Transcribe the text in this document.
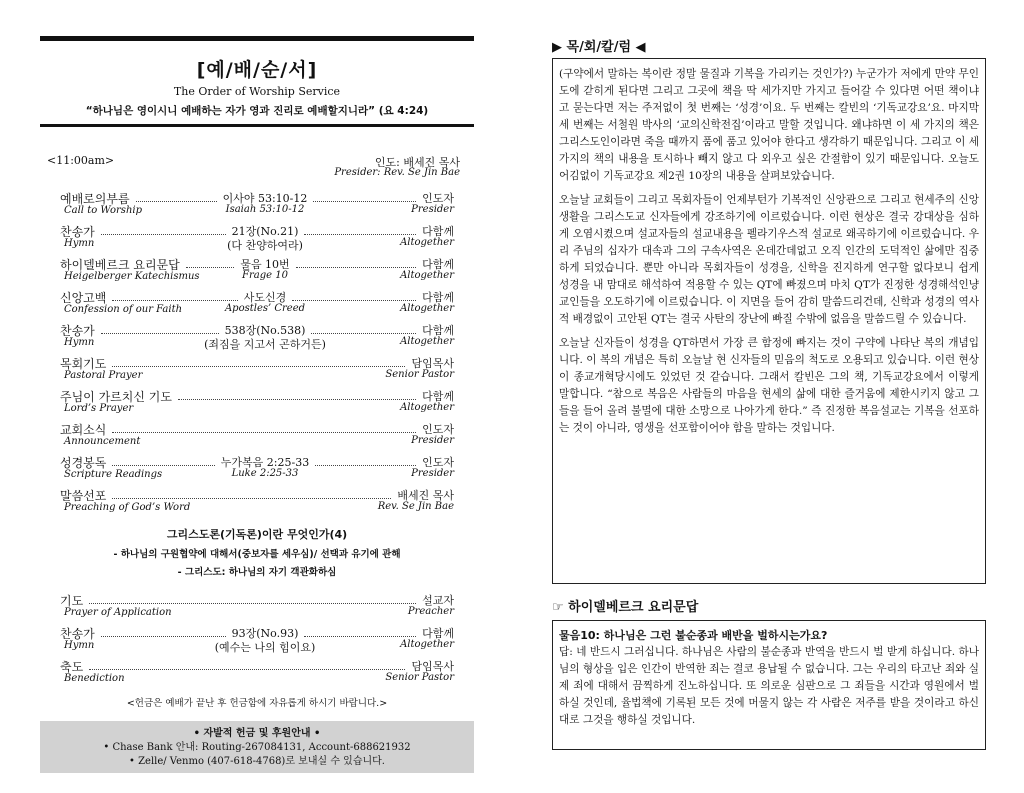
[예/배/순/서]
The Order of Worship Service
“하나님은 영이시니 예배하는 자가 영과 진리로 예배할지니라” (요 4:24)
<11:00am>	인도: 배세진 목사
Presider: Rev. Se Jin Bae
예배로의부름
Call to Worship
인도자
Presider
이사야 53:10-12
Isaiah 53:10-12
찬송가
Hymn
다함께
Altogether
21장(No.21)
(다 찬양하여라)
하이델베르크 요리문답
Heigelberger Katechismus
다함께
Altogether
물음 10번
Frage 10
신앙고백
Confession of our Faith
다함께
Altogether
사도신경
Apostles’ Creed
찬송가
Hymn
다함께
Altogether
538장(No.538)
(죄짐을 지고서 곤하거든)
목회기도
Pastoral Prayer
담임목사
Senior Pastor
주님이 가르치신 기도
Lord’s Prayer
다함께
Altogether
교회소식
Announcement
인도자
Presider
성경봉독
Scripture Readings
인도자
Presider
누가복음 2:25-33
Luke 2:25-33
말씀선포
Preaching of God’s Word
배세진 목사
Rev. Se Jin Bae
그리스도론(기독론)이란 무엇인가(4)
- 하나님의 구원협약에 대해서(중보자를 세우심)/ 선택과 유기에 관해
- 그리스도: 하나님의 자기 객관화하심
기도
Prayer of Application
설교자
Preacher
찬송가
Hymn
다함께
Altogether
93장(No.93)
(예수는 나의 힘이요)
축도
Benediction
담임목사
Senior Pastor
<헌금은 예배가 끝난 후 헌금함에 자유롭게 하시기 바랍니다.>
• 자발적 헌금 및 후원안내 •
• Chase Bank 안내: Routing-267084131, Account-688621932
• Zelle/ Venmo (407-618-4768)로 보내실 수 있습니다.
▶ 목/회/칼/럼 ◀

(구약에서 말하는 복이란 정말 물질과 기복을 가리키는 것인가?) 누군가가 저에게 만약 무인도에 갇히게 된다면 그리고 그곳에 책을 딱 세가지만 가지고 들어갈 수 있다면 어떤 책이냐고 묻는다면 저는 주저없이 첫 번째는 ‘성경’이요. 두 번째는 칼빈의 ‘기독교강요’요. 마지막 세 번째는 서철원 박사의 ‘교의신학전집’이라고 말할 것입니다. 왜냐하면 이 세 가지의 책은 그리스도인이라면 죽을 때까지 품에 품고 있어야 한다고 생각하기 때문입니다. 그리고 이 세 가지의 책의 내용을 토시하나 빼지 않고 다 외우고 싶은 간절함이 있기 때문입니다. 오늘도 어김없이 기독교강요 제2권 10장의 내용을 살펴보았습니다.

오늘날 교회들이 그리고 목회자들이 언제부턴가 기복적인 신앙관으로 그리고 현세주의 신앙생활을 그리스도교 신자들에게 강조하기에 이르렀습니다. 이런 현상은 결국 강대상을 심하게 오염시켰으며 설교자들의 설교내용을 펠라기우스적 설교로 왜곡하기에 이르렀습니다. 우리 주님의 십자가 대속과 그의 구속사역은 온데간데없고 오직 인간의 도덕적인 삶에만 집중하게 되었습니다. 뿐만 아니라 목회자들이 성경을, 신학을 진지하게 연구할 없다보니 쉽게 성경을 내 맘대로 해석하여 적용할 수 있는 QT에 빠졌으며 마치 QT가 진정한 성경해석인냥 교인들을 오도하기에 이르렀습니다. 이 지면을 들어 감히 말씀드리건데, 신학과 성경의 역사적 배경없이 고안된 QT는 결국 사탄의 장난에 빠질 수밖에 없음을 말씀드릴 수 있습니다.

오늘날 신자들이 성경을 QT하면서 가장 큰 함정에 빠지는 것이 구약에 나타난 복의 개념입니다. 이 복의 개념은 특히 오늘날 현 신자들의 믿음의 척도로 오용되고 있습니다. 이런 현상이 종교개혁당시에도 있었던 것 같습니다. 그래서 칼빈은 그의 책, 기독교강요에서 이렇게 말합니다. “참으로 복음은 사람들의 마음을 현세의 삶에 대한 즐거움에 제한시키지 않고 그들을 들어 올려 불멸에 대한 소망으로 나아가게 한다.” 즉 진정한 복음설교는 기복을 선포하는 것이 아니라, 영생을 선포함이어야 함을 말하는 것입니다.

☞ 하이델베르크 요리문답
물음10: 하나님은 그런 불순종과 배반을 벌하시는가요?
답: 네 반드시 그러십니다. 하나님은 사람의 불순종과 반역을 반드시 벌 받게 하십니다. 하나님의 형상을 입은 인간이 반역한 죄는 결코 용납될 수 없습니다. 그는 우리의 타고난 죄와 실제 죄에 대해서 끔찍하게 진노하십니다. 또 의로운 심판으로 그 죄들을 시간과 영원에서 벌하실 것인데, 율법책에 기록된 모든 것에 머물지 않는 각 사람은 저주를 받을 것이라고 하신 대로 그것을 행하실 것입니다.
